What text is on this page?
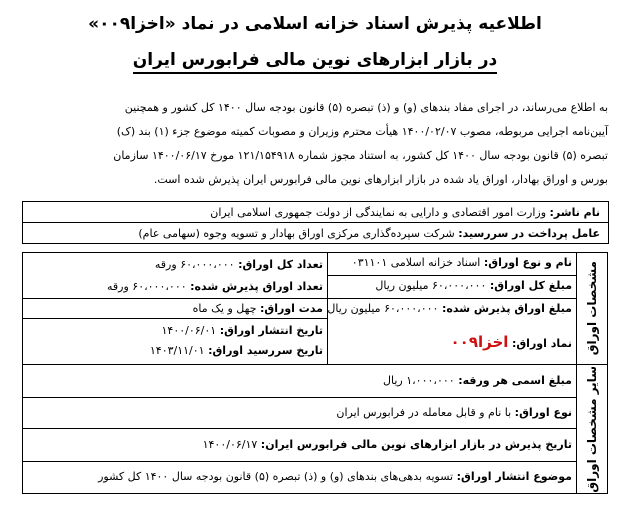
اطلاعیه پذیرش اسناد خزانه اسلامی در نماد «اخزا۰۰۹»
در بازار ابزارهای نوین مالی فرابورس ایران

به اطلاع می‌رساند، در اجرای مفاد بندهای (و) و (ذ) تبصره (۵) قانون بودجه سال ۱۴۰۰ کل کشور و همچنین

آیین‌نامه اجرایی مربوطه، مصوب ۱۴۰۰/۰۲/۰۷ هیأت محترم وزیران و مصوبات کمیته موضوع جزء (۱) بند (ک)

تبصره (۵) قانون بودجه سال ۱۴۰۰ کل کشور، به استناد مجوز شماره ۱۲۱/۱۵۴۹۱۸ مورخ ۱۴۰۰/۰۶/۱۷ سازمان

بورس و اوراق بهادار، اوراق یاد شده در بازار ابزارهای نوین مالی فرابورس ایران پذیرش شده است.

نام ناشر: وزارت امور اقتصادی و دارایی به نمایندگی از دولت جمهوری اسلامی ایران
عامل پرداخت در سررسید: شرکت سپرده‌گذاری مرکزی اوراق بهادار و تسویه وجوه (سهامی عام)
مشخصات اوراق
نام و نوع اوراق: اسناد خزانه اسلامی ۰۳۱۱۰۱
مبلغ کل اوراق: ۶۰،۰۰۰،۰۰۰ میلیون ریال
مبلغ اوراق پذیرش شده: ۶۰،۰۰۰،۰۰۰ میلیون ریال
نماد اوراق: اخزا۰۰۹
تعداد کل اوراق: ۶۰،۰۰۰،۰۰۰ ورقه
تعداد اوراق پذیرش شده: ۶۰،۰۰۰،۰۰۰ ورقه
مدت اوراق: چهل و یک ماه
تاریخ انتشار اوراق: ۱۴۰۰/۰۶/۰۱
تاریخ سررسید اوراق: ۱۴۰۳/۱۱/۰۱
سایر مشخصات اوراق
مبلغ اسمی هر ورقه: ۱،۰۰۰،۰۰۰ ریال
نوع اوراق: با نام و قابل معامله در فرابورس ایران
تاریخ پذیرش در بازار ابزارهای نوین مالی فرابورس ایران: ۱۴۰۰/۰۶/۱۷
موضوع انتشار اوراق: تسویه بدهی‌های بندهای (و) و (ذ) تبصره (۵) قانون بودجه سال ۱۴۰۰ کل کشور
